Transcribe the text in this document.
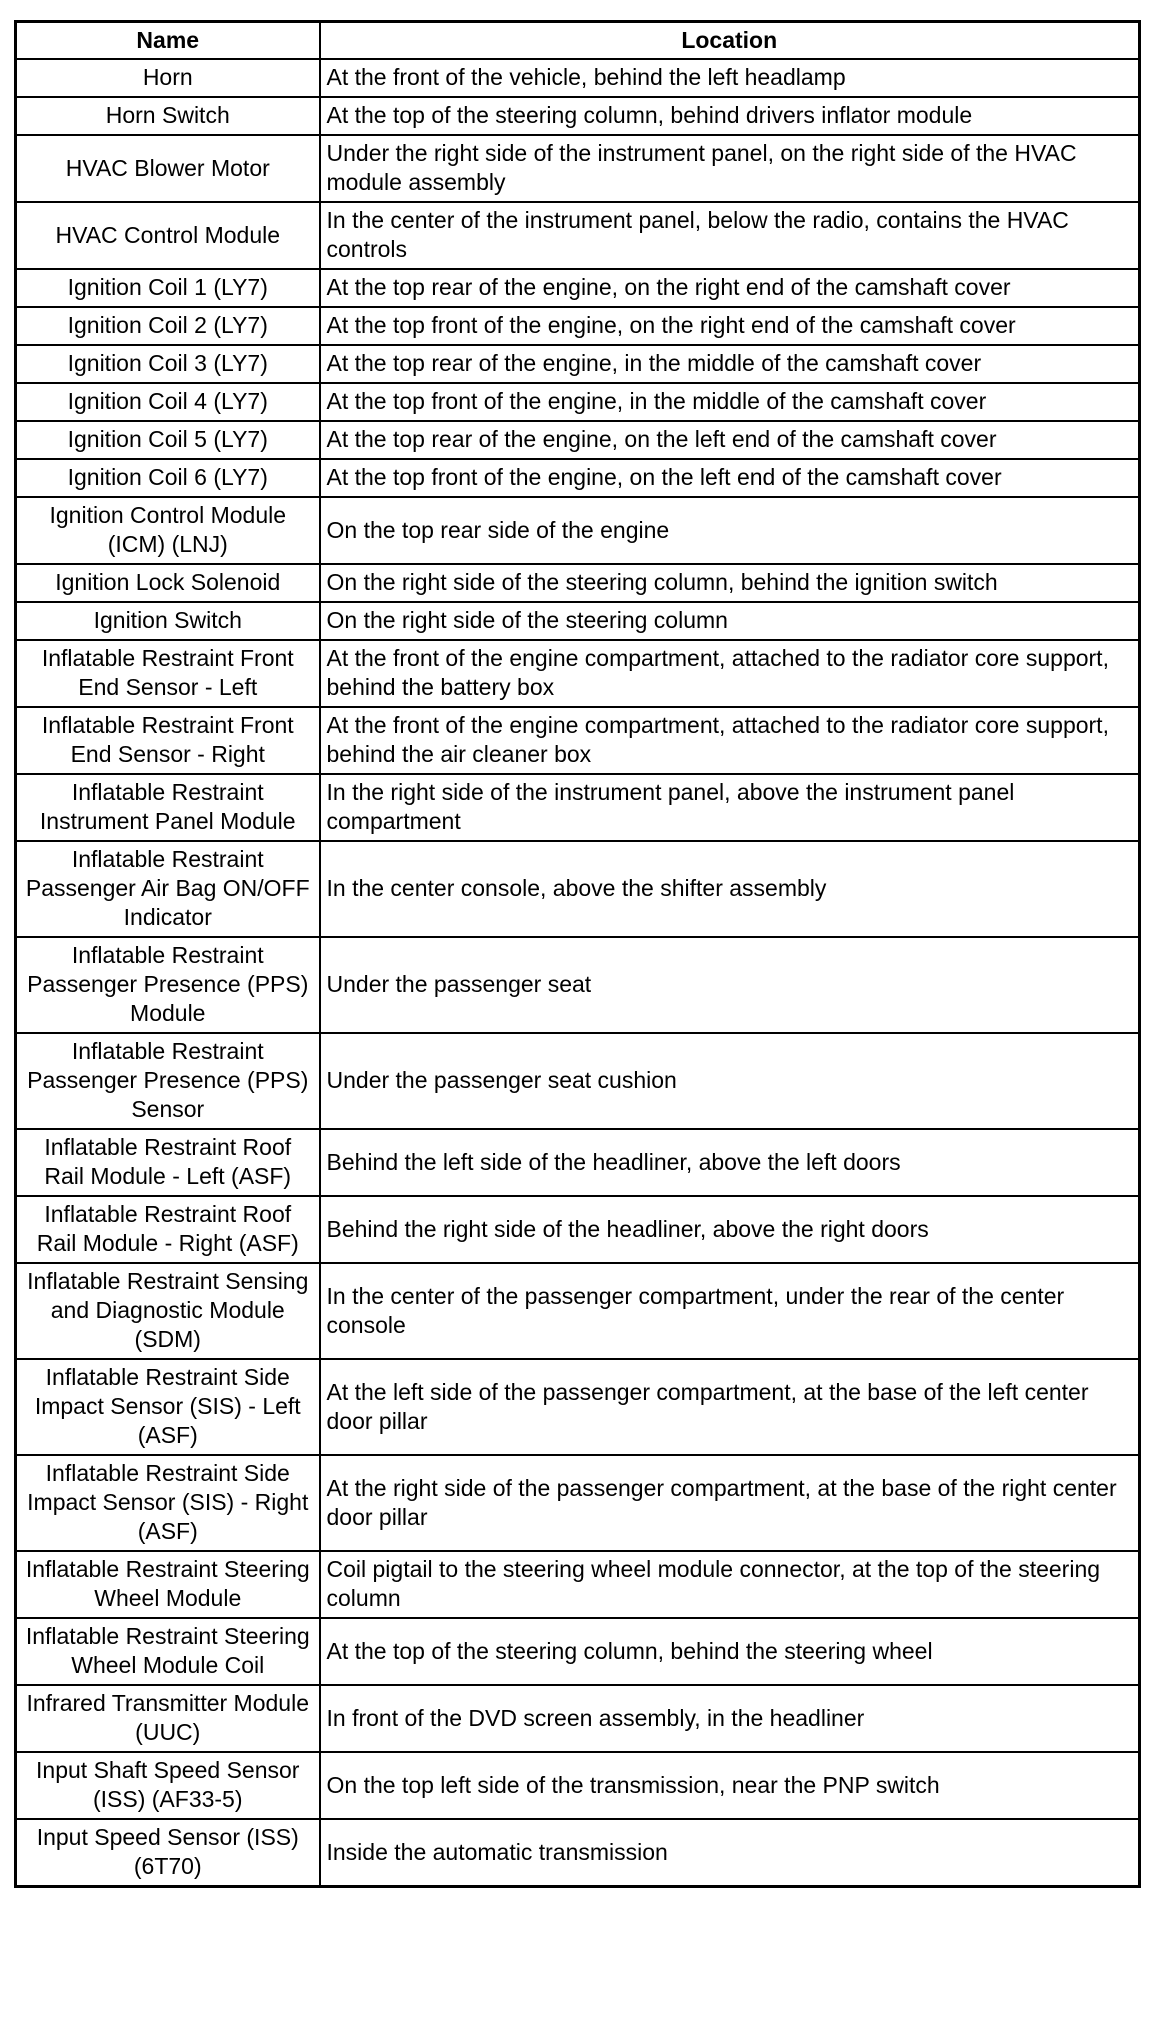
Name	Location
Horn	At the front of the vehicle, behind the left headlamp
Horn Switch	At the top of the steering column, behind drivers inflator module
HVAC Blower Motor	Under the right side of the instrument panel, on the right side of the HVAC module assembly
HVAC Control Module	In the center of the instrument panel, below the radio, contains the HVAC controls
Ignition Coil 1 (LY7)	At the top rear of the engine, on the right end of the camshaft cover
Ignition Coil 2 (LY7)	At the top front of the engine, on the right end of the camshaft cover
Ignition Coil 3 (LY7)	At the top rear of the engine, in the middle of the camshaft cover
Ignition Coil 4 (LY7)	At the top front of the engine, in the middle of the camshaft cover
Ignition Coil 5 (LY7)	At the top rear of the engine, on the left end of the camshaft cover
Ignition Coil 6 (LY7)	At the top front of the engine, on the left end of the camshaft cover
Ignition Control Module (ICM) (LNJ)	On the top rear side of the engine
Ignition Lock Solenoid	On the right side of the steering column, behind the ignition switch
Ignition Switch	On the right side of the steering column
Inflatable Restraint Front End Sensor - Left	At the front of the engine compartment, attached to the radiator core support, behind the battery box
Inflatable Restraint Front End Sensor - Right	At the front of the engine compartment, attached to the radiator core support, behind the air cleaner box
Inflatable Restraint Instrument Panel Module	In the right side of the instrument panel, above the instrument panel compartment
Inflatable Restraint Passenger Air Bag ON/OFF Indicator	In the center console, above the shifter assembly
Inflatable Restraint Passenger Presence (PPS) Module	Under the passenger seat
Inflatable Restraint Passenger Presence (PPS) Sensor	Under the passenger seat cushion
Inflatable Restraint Roof Rail Module - Left (ASF)	Behind the left side of the headliner, above the left doors
Inflatable Restraint Roof Rail Module - Right (ASF)	Behind the right side of the headliner, above the right doors
Inflatable Restraint Sensing and Diagnostic Module (SDM)	In the center of the passenger compartment, under the rear of the center console
Inflatable Restraint Side Impact Sensor (SIS) - Left (ASF)	At the left side of the passenger compartment, at the base of the left center door pillar
Inflatable Restraint Side Impact Sensor (SIS) - Right (ASF)	At the right side of the passenger compartment, at the base of the right center door pillar
Inflatable Restraint Steering Wheel Module	Coil pigtail to the steering wheel module connector, at the top of the steering column
Inflatable Restraint Steering Wheel Module Coil	At the top of the steering column, behind the steering wheel
Infrared Transmitter Module (UUC)	In front of the DVD screen assembly, in the headliner
Input Shaft Speed Sensor (ISS) (AF33-5)	On the top left side of the transmission, near the PNP switch
Input Speed Sensor (ISS) (6T70)	Inside the automatic transmission
